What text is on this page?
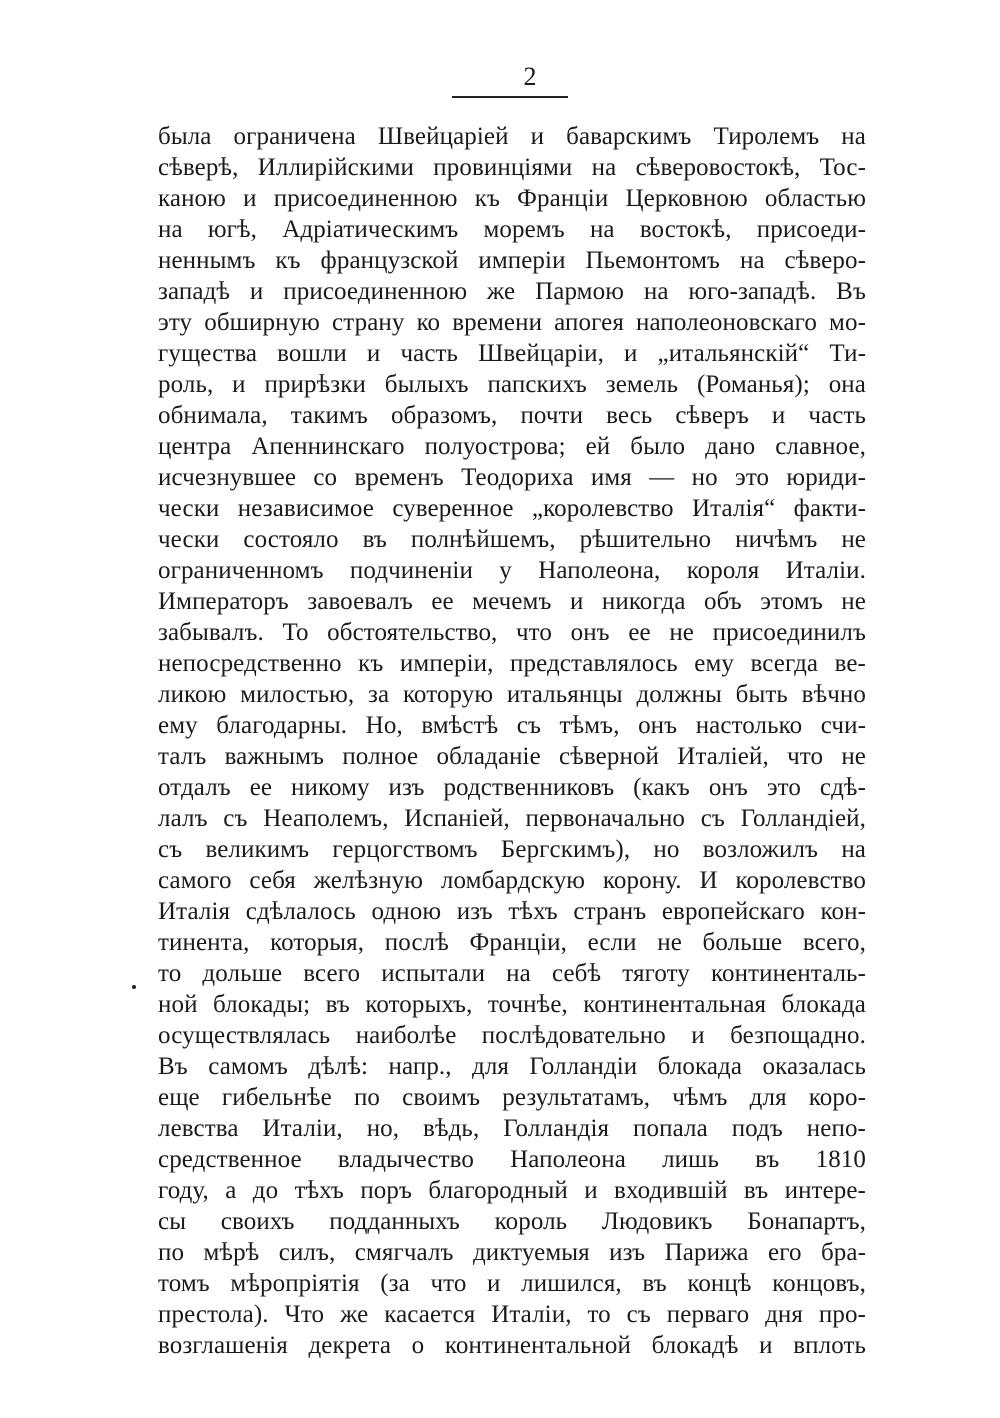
2
была ограничена Швейцаріей и баварскимъ Тиролемъ на
сѣверѣ, Иллирійскими провинціями на сѣверовостокѣ, Тос-
каною и присоединенною къ Франціи Церковною областью
на югѣ, Адріатическимъ моремъ на востокѣ, присоеди-
неннымъ къ французской имперіи Пьемонтомъ на сѣверо-
западѣ и присоединенною же Пармою на юго-западѣ. Въ
эту обширную страну ко времени апогея наполеоновскаго мо-
гущества вошли и часть Швейцаріи, и „итальянскій“ Ти-
роль, и прирѣзки былыхъ папскихъ земель (Романья); она
обнимала, такимъ образомъ, почти весь сѣверъ и часть
центра Апеннинскаго полуострова; ей было дано славное,
исчезнувшее со временъ Теодориха имя — но это юриди-
чески независимое суверенное „королевство Италія“ факти-
чески состояло въ полнѣйшемъ, рѣшительно ничѣмъ не
ограниченномъ подчиненіи у Наполеона, короля Италіи.
Императоръ завоевалъ ее мечемъ и никогда объ этомъ не
забывалъ. То обстоятельство, что онъ ее не присоединилъ
непосредственно къ имперіи, представлялось ему всегда ве-
ликою милостью, за которую итальянцы должны быть вѣчно
ему благодарны. Но, вмѣстѣ съ тѣмъ, онъ настолько счи-
талъ важнымъ полное обладаніе сѣверной Италіей, что не
отдалъ ее никому изъ родственниковъ (какъ онъ это сдѣ-
лалъ съ Неаполемъ, Испаніей, первоначально съ Голландіей,
съ великимъ герцогствомъ Бергскимъ), но возложилъ на
самого себя желѣзную ломбардскую корону. И королевство
Италія сдѣлалось одною изъ тѣхъ странъ европейскаго кон-
тинента, которыя, послѣ Франціи, если не больше всего,
то дольше всего испытали на себѣ тяготу континенталь-
ной блокады; въ которыхъ, точнѣе, континентальная блокада
осуществлялась наиболѣе послѣдовательно и безпощадно.
Въ самомъ дѣлѣ: напр., для Голландіи блокада оказалась
еще гибельнѣе по своимъ результатамъ, чѣмъ для коро-
левства Италіи, но, вѣдь, Голландія попала подъ непо-
средственное владычество Наполеона лишь въ 1810
году, а до тѣхъ поръ благородный и входившій въ интере-
сы своихъ подданныхъ король Людовикъ Бонапартъ,
по мѣрѣ силъ, смягчалъ диктуемыя изъ Парижа его бра-
томъ мѣропріятія (за что и лишился, въ концѣ концовъ,
престола). Что же касается Италіи, то съ перваго дня про-
возглашенія декрета о континентальной блокадѣ и вплоть
